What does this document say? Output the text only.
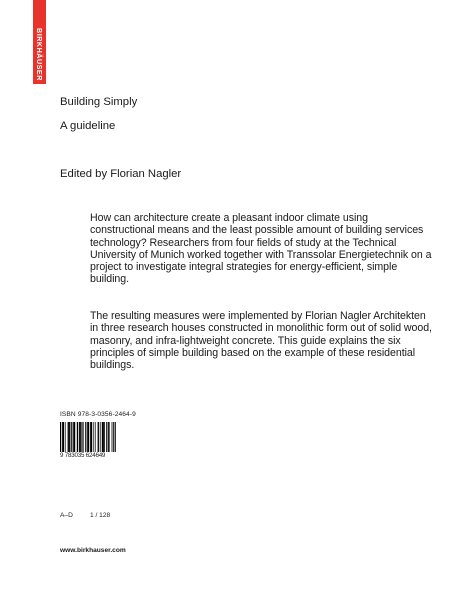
BIRKHÄUSER
Building Simply
A guideline
Edited by Florian Nagler

How can architecture create a pleasant indoor climate using constructional means and the least possible amount of building services technology? Researchers from four fields of study at the Technical University of Munich worked together with Transsolar Energietechnik on a project to investigate integral strategies for energy-efficient, simple building.

The resulting measures were implemented by Florian Nagler Architekten in three research houses constructed in monolithic form out of solid wood, masonry, and infra-lightweight concrete. This guide explains the six principles of simple building based on the example of these residential buildings.

ISBN 978-3-0356-2464-9
9 783035 624649
A–D	1 / 128
www.birkhauser.com
